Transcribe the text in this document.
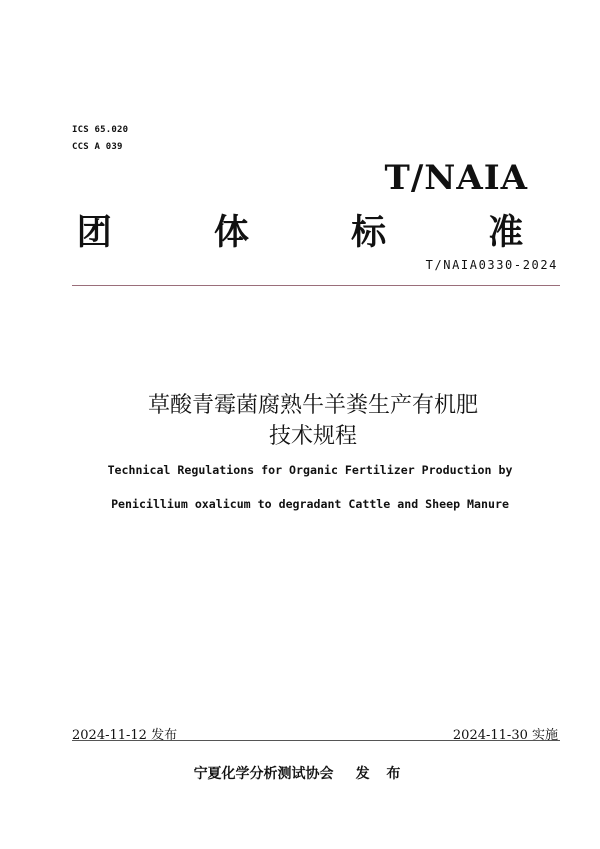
ICS 65.020
CCS A 039
T/NAIA
团 体 标 准
T/NAIA0330-2024
草酸青霉菌腐熟牛羊粪生产有机肥
技术规程
Technical Regulations for Organic Fertilizer Production by
Penicillium oxalicum to degradant Cattle and Sheep Manure
2024-11-12 发布	2024-11-30 实施
宁夏化学分析测试协会 发 布
